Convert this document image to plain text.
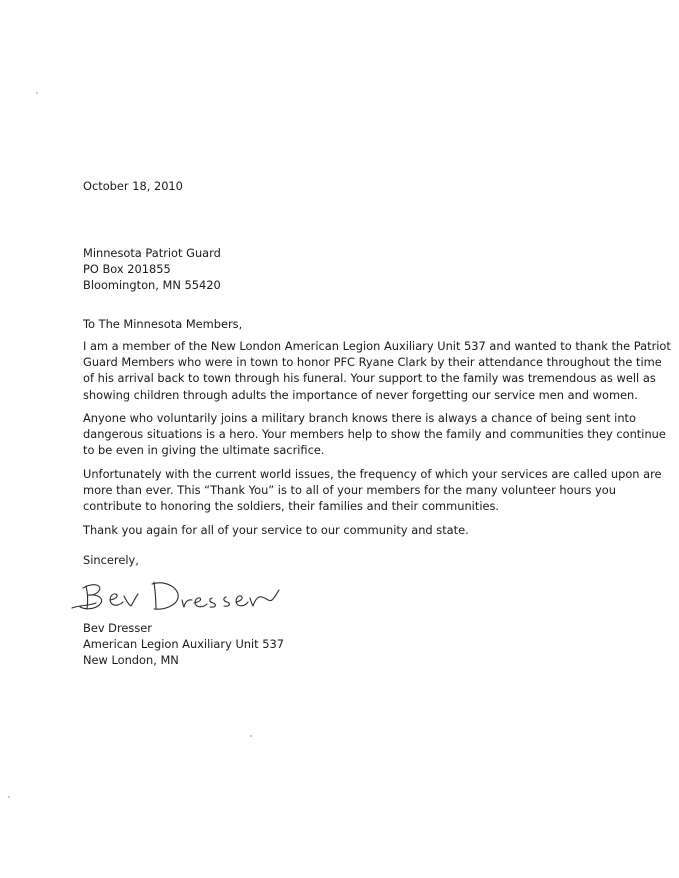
October 18, 2010
Minnesota Patriot Guard
PO Box 201855
Bloomington, MN 55420
To The Minnesota Members,
I am a member of the New London American Legion Auxiliary Unit 537 and wanted to thank the Patriot
Guard Members who were in town to honor PFC Ryane Clark by their attendance throughout the time
of his arrival back to town through his funeral. Your support to the family was tremendous as well as
showing children through adults the importance of never forgetting our service men and women.
Anyone who voluntarily joins a military branch knows there is always a chance of being sent into
dangerous situations is a hero. Your members help to show the family and communities they continue
to be even in giving the ultimate sacrifice.
Unfortunately with the current world issues, the frequency of which your services are called upon are
more than ever. This “Thank You” is to all of your members for the many volunteer hours you
contribute to honoring the soldiers, their families and their communities.
Thank you again for all of your service to our community and state.
Sincerely,
Bev Dresser
American Legion Auxiliary Unit 537
New London, MN
